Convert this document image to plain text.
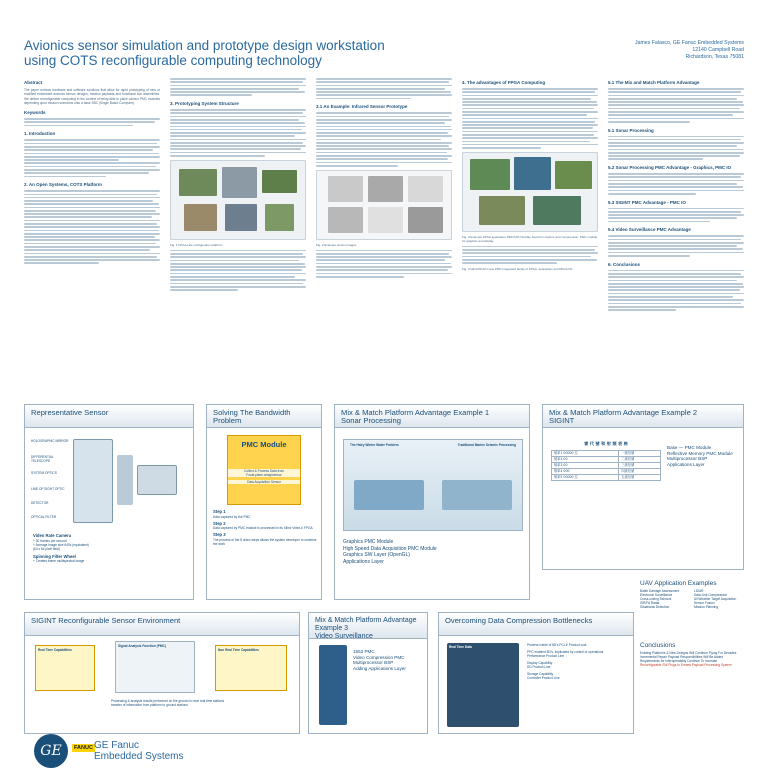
Avionics sensor simulation and prototype design workstation
using COTS reconfigurable computing technology
James Falasco, GE Fanuc Embedded Systems
12140 Campbell Road
Richardson, Texas 75081
Abstract
The paper reviews hardware and software solutions that allow for rapid prototyping of new or modified embedded avionics sensor designs, mission payloads and functional sub assemblies. We deliver reconfigurable computing in the context of being able to place various PMC modules depending upon mission scenarios onto a base SBC (Single Board Computer).
Keywords
1. Introduction
2. An Open Systems, COTS Platform
3. Prototyping System Structure
Fig. 1 FPGA-rate configuration platform
3.1 An Example: Infrared Sensor Prototype
Fig. 2 Example sensor images
4. The advantages of FPGA Computing
Fig. 3 Example FPGA application PMC/CPU flexible board for capture and compression. PMC module for graphics and display
Fig. 4 GE FANUC's new PMC Integrated family of FPGA, acquisition and FPGA I/O
5.1 The Mix and Match Platform Advantage
5.1 Sonar Processing
5.2 Sonar Processing PMC Advantage - Graphics, PMC IO
5.3 SIGINT PMC Advantage - PMC IO
5.4 Video Surveillance PMC Advantage
6. Conclusions
Representative Sensor
HOLOGRAPHIC MIRROR
DIFFERENTIAL TELESCOPE
SYSTEM OPTICS
LINE OF SIGHT OPTIC
DETECTOR
OPTICAL FILTER
Video Rate Camera
+ 30 frames per second
+ Average image size 640x (equivalent)
(64 x 64 pixel field)
Spinning Filter Wheel
+ Creates frame multispectral image
Solving The Bandwidth Problem
PMC Module
Collect & Process Data from
Focal-plane-array/sensor
Data Acquisition Sensor
Step 1
Data captured by the PMC
Step 2
Data captured by PMC module is processed in its Xilinx Virtex-II FPGA
Step 3
The process of the 8 video steps allows the system developer to combine the work
Mix & Match Platform Advantage Example 1
Sonar Processing
The Hairy Winter Water Problem	Traditional Marine Seismic Processing
Graphics PMC Module
High Speed Data Acquisition PMC Module
Graphics SW Layer (OpenGL)
Applications Layer
Mix & Match Platform Advantage Example 2
SIGINT
雷 代 號 和 射 頻 表 格
頻率1 00000 位	一級信號
頻率2 00	二級信號
頻率3 00	三級信號
頻率4 000	四級信號
頻率5 00000 位	五級信號
Base — PMC Module
Reflective Memory PMC Module
Multiprocessor BSP
Applications Layer
UAV Application Examples
Battle Damage Assessment
Electronic Surveillance
Cross-cueing Sensors
ISR/FA Radar
Situational Detection
LIDAR
Data Link Compression
All Weather Target Acquisition
Sensor Fusion
Mission Planning
SIGINT Reconfigurable Sensor Environment
Real Time Capabilities
Signal Analysis Function (PMC)
Non Real Time Capabilities
Processing & analysis results performed on the ground in near real time stations transfer of information from platform to ground stations
Mix & Match Platform Advantage Example 3
Video Surveillance
1553 PMC
Video Compression PMC
Multiprocessor BSP
Adding Applications Layer
Overcoming Data Compression Bottlenecks
Real Time Data	Process inside of 8D's PCI-E Product cost
PPC enabled 8D's, implicated by control or operations
Performance Product Line
Display Capability
DD Product Line
Storage Capability
Controller Product Line
Conclusions
Existing Platforms & New Designs Will Continue Flying For Decades
Incremental Repair Payload Responsibilities Will Be Added
Requirements for Interoperability Continue To Increase
Reconfigurable SW Plugs-In Embed Payload Processing System
GE	FANUC GE Fanuc
Embedded Systems
